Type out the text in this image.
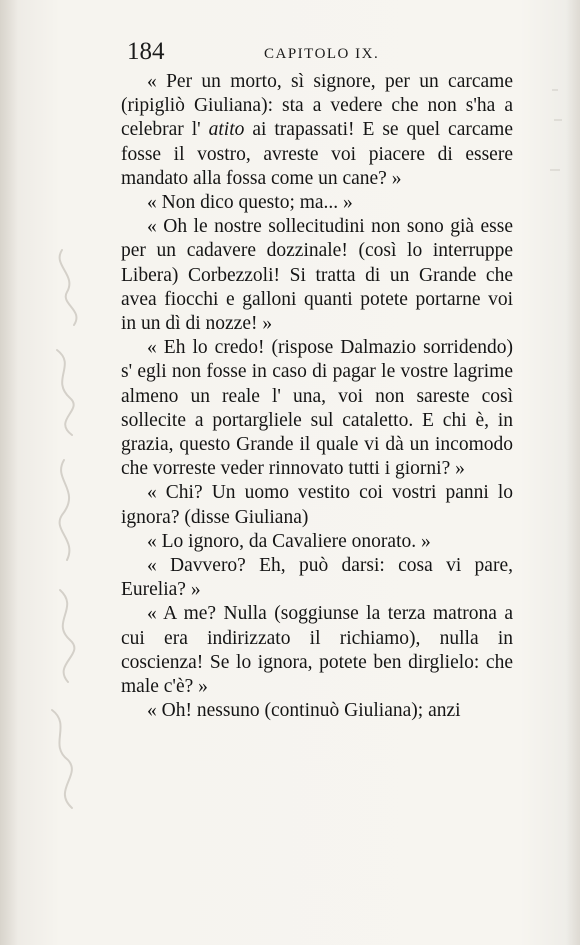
184	CAPITOLO IX.

« Per un morto, sì signore, per un carcame (ripigliò Giuliana): sta a vedere che non s'ha a celebrar l' atito ai trapassati! E se quel carcame fosse il vostro, avreste voi piacere di essere mandato alla fossa come un cane? »

« Non dico questo; ma... »

« Oh le nostre sollecitudini non sono già esse per un cadavere dozzinale! (così lo interruppe Libera) Corbezzoli! Si tratta di un Grande che avea fiocchi e galloni quanti potete portarne voi in un dì di nozze! »

« Eh lo credo! (rispose Dalmazio sorridendo) s' egli non fosse in caso di pagar le vostre lagrime almeno un reale l' una, voi non sareste così sollecite a portargliele sul cataletto. E chi è, in grazia, questo Grande il quale vi dà un incomodo che vorreste veder rinnovato tutti i giorni? »

« Chi? Un uomo vestito coi vostri panni lo ignora? (disse Giuliana)

« Lo ignoro, da Cavaliere onorato. »

« Davvero? Eh, può darsi: cosa vi pare, Eurelia? »

« A me? Nulla (soggiunse la terza matrona a cui era indirizzato il richiamo), nulla in coscienza! Se lo ignora, potete ben dirglielo: che male c'è? »

« Oh! nessuno (continuò Giuliana); anzi
